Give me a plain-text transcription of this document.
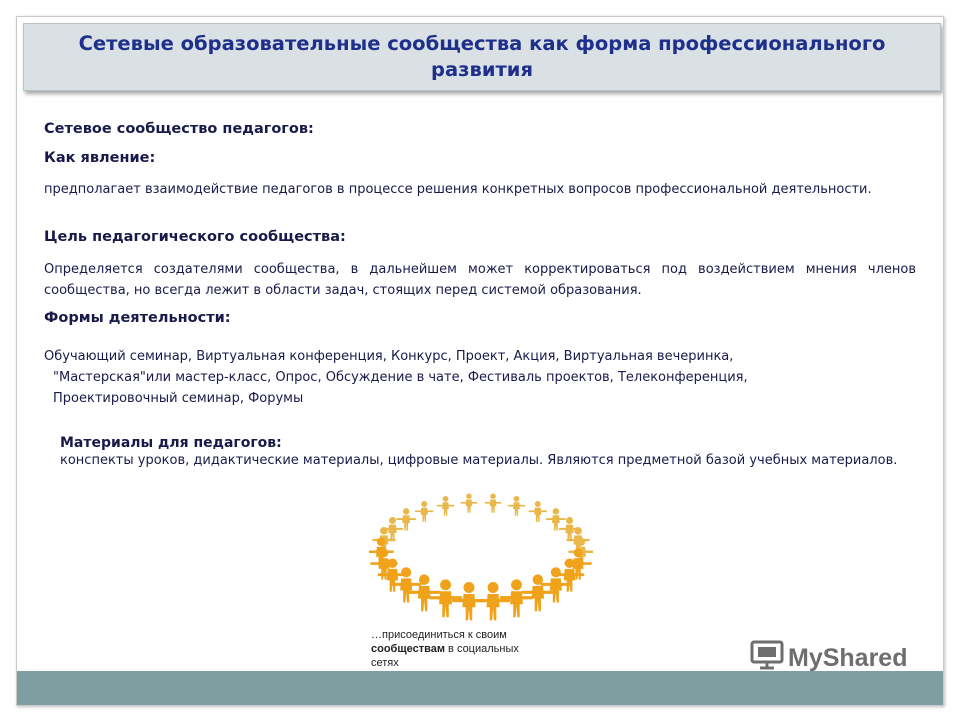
Сетевые образовательные сообщества как форма профессионального развития
Сетевое сообщество педагогов:
Как явление:
предполагает взаимодействие педагогов в процессе решения конкретных вопросов профессиональной деятельности.
Цель педагогического сообщества:
Определяется создателями сообщества, в дальнейшем может корректироваться под воздействием мнения членов сообщества, но всегда лежит в области задач, стоящих перед системой образования.
Формы деятельности:
Обучающий семинар, Виртуальная конференция, Конкурс, Проект, Акция, Виртуальная вечеринка,
"Мастерская"или мастер-класс, Опрос, Обсуждение в чате, Фестиваль проектов, Телеконференция,
Проектировочный семинар, Форумы
Материалы для педагогов:
конспекты уроков, дидактические материалы, цифровые материалы. Являются предметной базой учебных материалов.
…присоединиться к своим
сообществам в социальных
сетях	MyShared
